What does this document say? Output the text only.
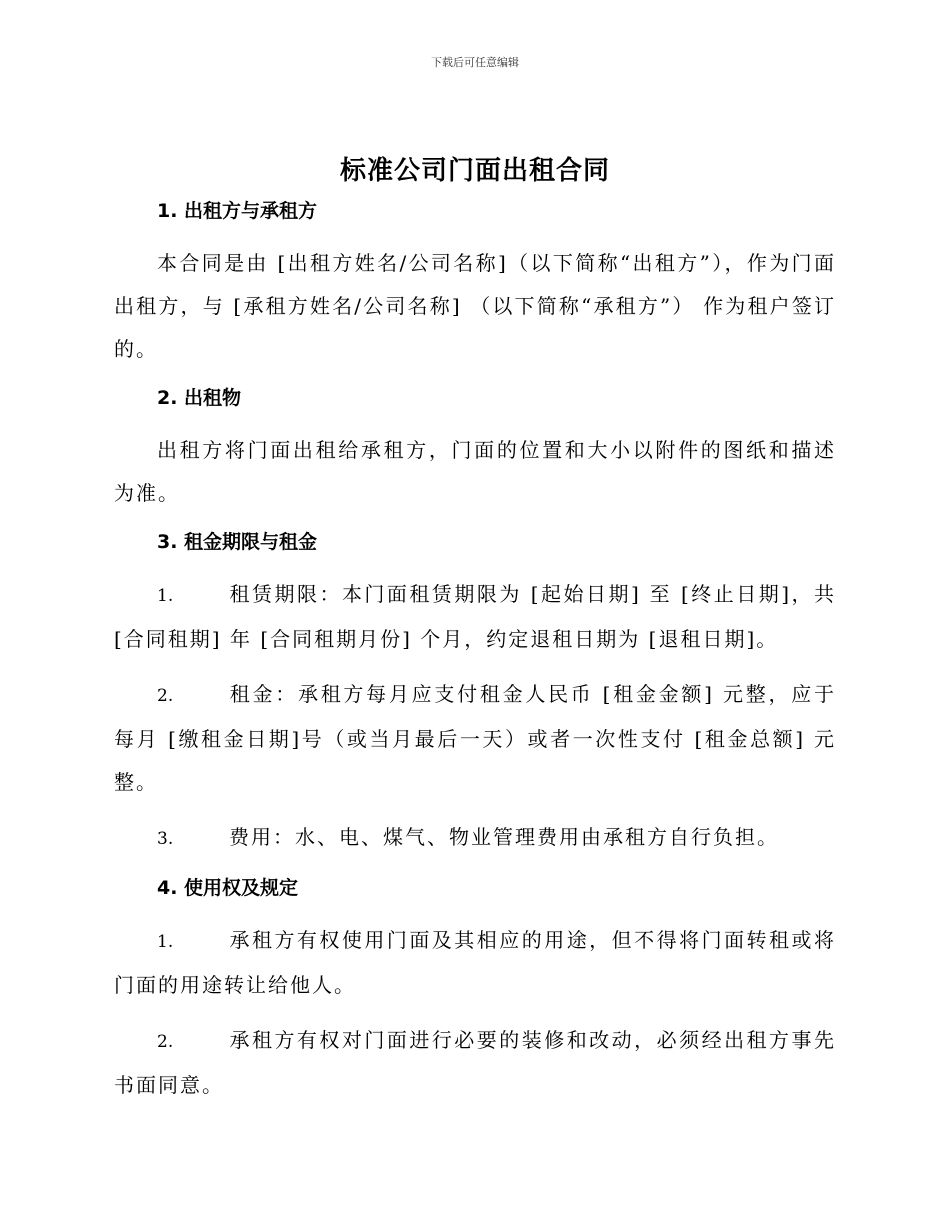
下载后可任意编辑
标准公司门面出租合同
1. 出租方与承租方

本合同是由 [出租方姓名/公司名称]（以下简称“出租方”），作为门面出租方，与 [承租方姓名/公司名称] （以下简称“承租方”） 作为租户签订的。

2. 出租物

出租方将门面出租给承租方，门面的位置和大小以附件的图纸和描述为准。

3. 租金期限与租金

1.	租赁期限：本门面租赁期限为 [起始日期] 至 [终止日期]，共 [合同租期] 年 [合同租期月份] 个月，约定退租日期为 [退租日期]。

2.	租金：承租方每月应支付租金人民币 [租金金额] 元整，应于每月 [缴租金日期]号（或当月最后一天）或者一次性支付 [租金总额] 元整。

3.	费用：水、电、煤气、物业管理费用由承租方自行负担。

4. 使用权及规定

1.	承租方有权使用门面及其相应的用途，但不得将门面转租或将门面的用途转让给他人。

2.	承租方有权对门面进行必要的装修和改动，必须经出租方事先书面同意。
